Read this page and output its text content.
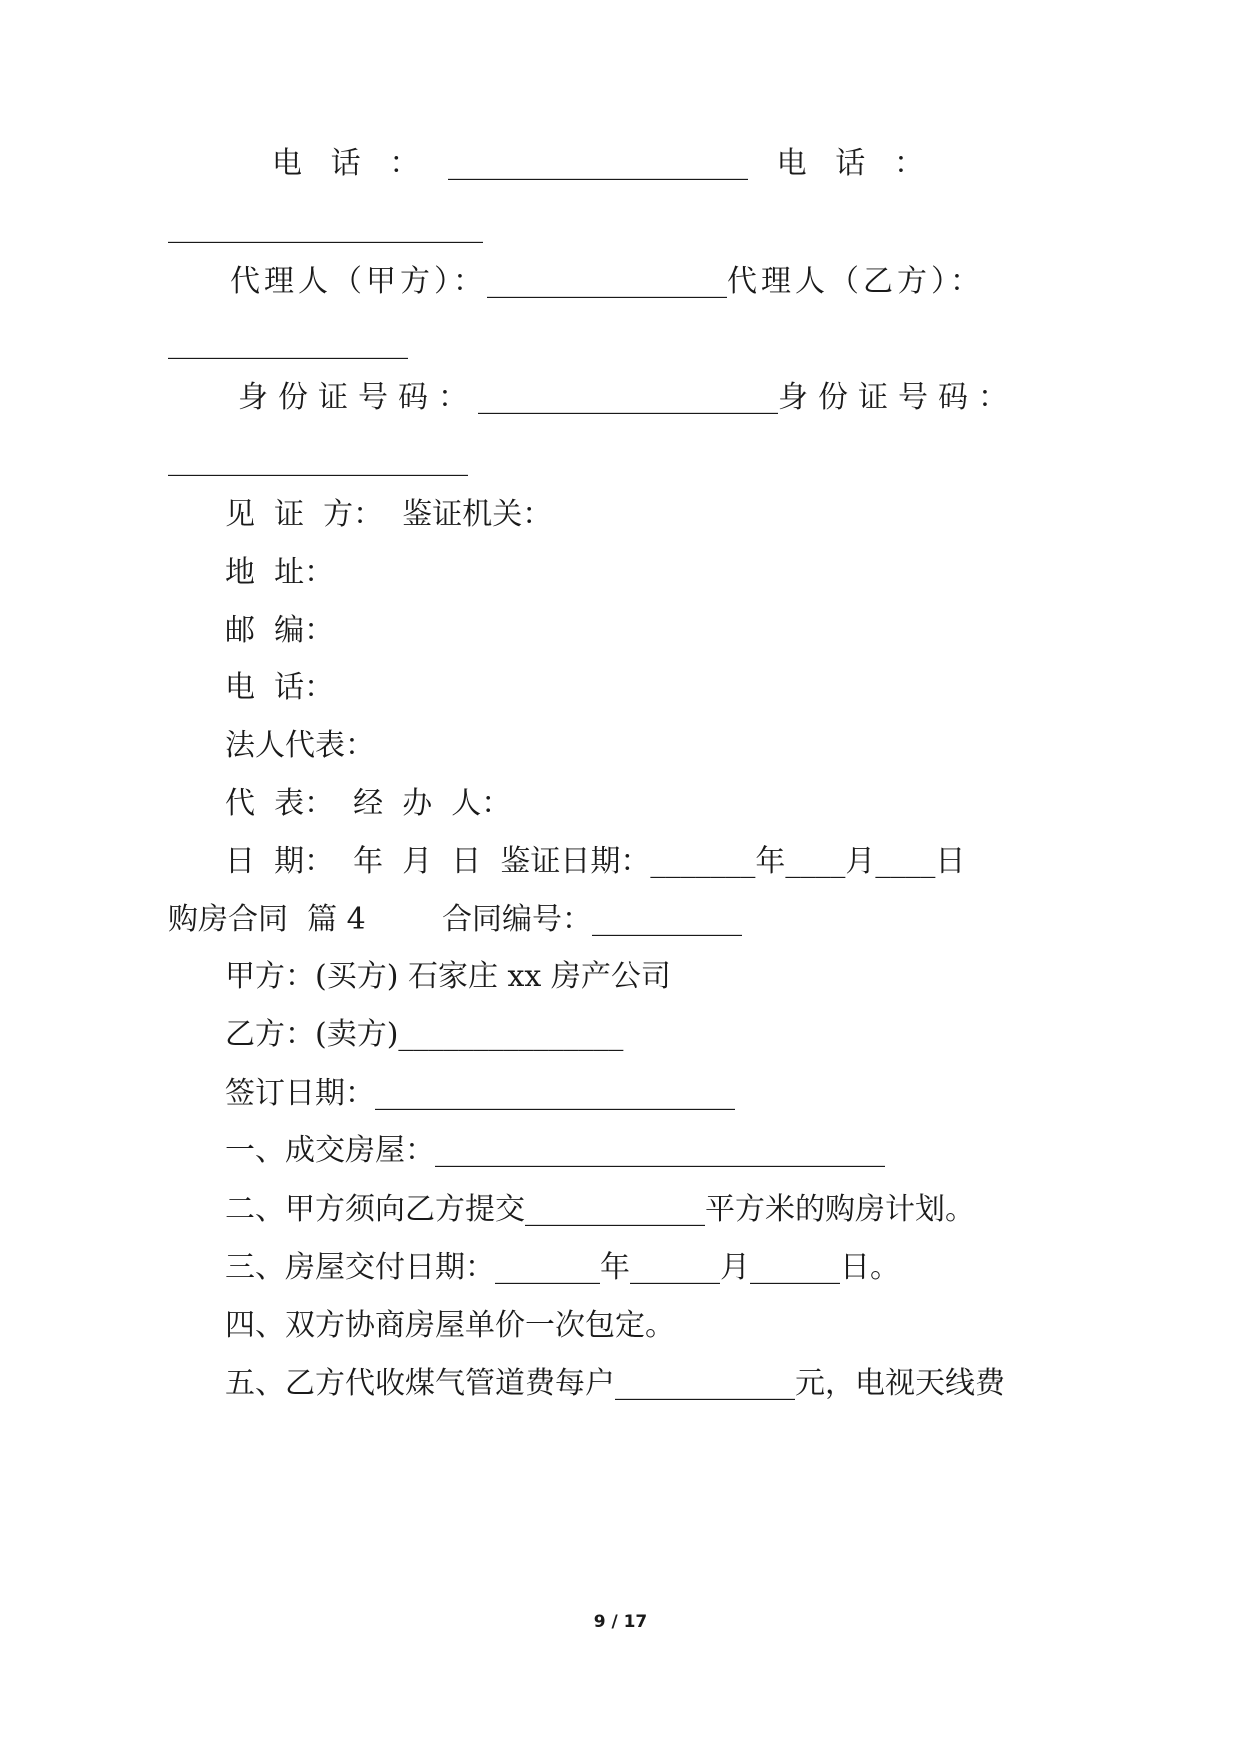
电 话 ： ____________________ 电 话 ：
_____________________
代理人（甲方）： ________________ 代理人（乙方）：
________________
身份证号码： ____________________ 身份证号码：
____________________
见  证  方：  鉴证机关：
地  址：
邮  编：
电  话：
法人代表：
代  表：  经  办  人：
日  期：  年  月  日  鉴证日期：_______年____月____日
购房合同  篇 4        合同编号：__________
甲方：(买方) 石家庄 xx 房产公司
乙方：(卖方)_______________
签订日期：________________________
一、成交房屋：______________________________
二、甲方须向乙方提交____________平方米的购房计划。
三、房屋交付日期：_______年______月______日。
四、双方协商房屋单价一次包定。
五、乙方代收煤气管道费每户____________元，电视天线费
9 / 17
